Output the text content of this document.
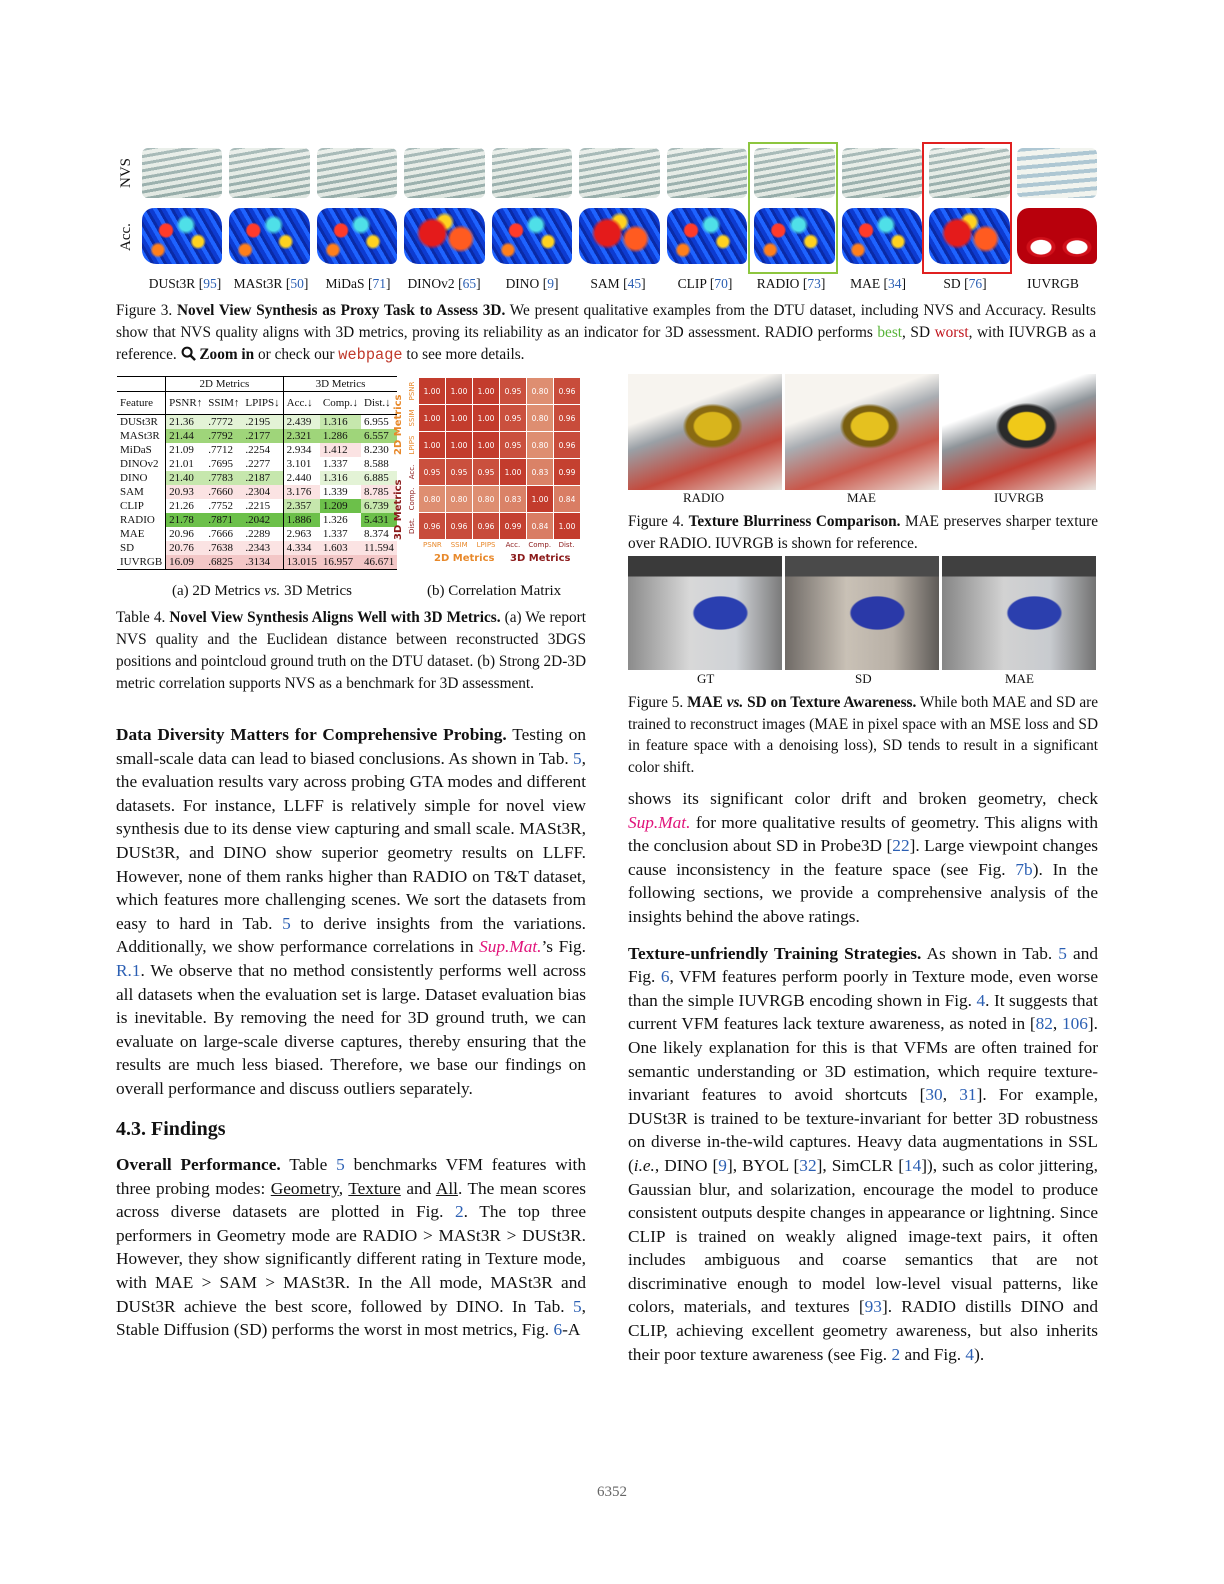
NVS
Acc.
DUSt3R [95] MASt3R [50]	MiDaS [71]	DINOv2 [65]	DINO [9]	SAM [45]	CLIP [70]	RADIO [73]	MAE [34]	SD [76]	IUVRGB
Figure 3. Novel View Synthesis as Proxy Task to Assess 3D. We present qualitative examples from the DTU dataset, including NVS and Accuracy. Results show that NVS quality aligns with 3D metrics, proving its reliability as an indicator for 3D assessment. RADIO performs best, SD worst, with IUVRGB as a reference. Zoom in or check our webpage to see more details.
	2D Metrics			3D Metrics		
Feature	PSNR↑	SSIM↑	LPIPS↓	Acc.↓	Comp.↓	Dist.↓
DUSt3R	21.36	.7772	.2195	2.439	1.316	6.955
MASt3R	21.44	.7792	.2177	2.321	1.286	6.557
MiDaS	21.09	.7712	.2254	2.934	1.412	8.230
DINOv2	21.01	.7695	.2277	3.101	1.337	8.588
DINO	21.40	.7783	.2187	2.440	1.316	6.885
SAM	20.93	.7660	.2304	3.176	1.339	8.785
CLIP	21.26	.7752	.2215	2.357	1.209	6.739
RADIO	21.78	.7871	.2042	1.886	1.326	5.431
MAE	20.96	.7666	.2289	2.963	1.337	8.374
SD	20.76	.7638	.2343	4.334	1.603	11.594
IUVRGB	16.09	.6825	.3134	13.015	16.957	46.671
(a) 2D Metrics vs. 3D Metrics
1.00	1.00	1.00	0.95	0.80	0.96
1.00	1.00	1.00	0.95	0.80	0.96
1.00	1.00	1.00	0.95	0.80	0.96
0.95	0.95	0.95	1.00	0.83	0.99
0.80	0.80	0.80	0.83	1.00	0.84
0.96	0.96	0.96	0.99	0.84	1.00
2D Metrics
3D Metrics
PSNR
SSIM
LPIPS
Acc.
Comp.
Dist.
PSNR	SSIM	LPIPS	Acc.	Comp.	Dist.
2D Metrics 3D Metrics
(b) Correlation Matrix
Table 4. Novel View Synthesis Aligns Well with 3D Metrics. (a) We report NVS quality and the Euclidean distance between reconstructed 3DGS positions and pointcloud ground truth on the DTU dataset. (b) Strong 2D-3D metric correlation supports NVS as a benchmark for 3D assessment.
RADIO	MAE	IUVRGB
Figure 4. Texture Blurriness Comparison. MAE preserves sharper texture over RADIO. IUVRGB is shown for reference.
GT	SD	MAE
Figure 5. MAE vs. SD on Texture Awareness. While both MAE and SD are trained to reconstruct images (MAE in pixel space with an MSE loss and SD in feature space with a denoising loss), SD tends to result in a significant color shift.

Data Diversity Matters for Comprehensive Probing. Testing on small-scale data can lead to biased conclusions. As shown in Tab. 5, the evaluation results vary across probing GTA modes and different datasets. For instance, LLFF is relatively simple for novel view synthesis due to its dense view capturing and small scale. MASt3R, DUSt3R, and DINO show superior geometry results on LLFF. However, none of them ranks higher than RADIO on T&T dataset, which features more challenging scenes. We sort the datasets from easy to hard in Tab. 5 to derive insights from the variations. Additionally, we show performance correlations in Sup.Mat.’s Fig. R.1. We observe that no method consistently performs well across all datasets when the evaluation set is large. Dataset evaluation bias is inevitable. By removing the need for 3D ground truth, we can evaluate on large-scale diverse captures, thereby ensuring that the results are much less biased. Therefore, we base our findings on overall performance and discuss outliers separately.

4.3. Findings

Overall Performance. Table 5 benchmarks VFM features with three probing modes: Geometry, Texture and All. The mean scores across diverse datasets are plotted in Fig. 2. The top three performers in Geometry mode are RADIO > MASt3R > DUSt3R. However, they show significantly different rating in Texture mode, with MAE > SAM > MASt3R. In the All mode, MASt3R and DUSt3R achieve the best score, followed by DINO. In Tab. 5, Stable Diffusion (SD) performs the worst in most metrics, Fig. 6-A

shows its significant color drift and broken geometry, check Sup.Mat. for more qualitative results of geometry. This aligns with the conclusion about SD in Probe3D [22]. Large viewpoint changes cause inconsistency in the feature space (see Fig. 7b). In the following sections, we provide a comprehensive analysis of the insights behind the above ratings.

Texture-unfriendly Training Strategies. As shown in Tab. 5 and Fig. 6, VFM features perform poorly in Texture mode, even worse than the simple IUVRGB encoding shown in Fig. 4. It suggests that current VFM features lack texture awareness, as noted in [82, 106]. One likely explanation for this is that VFMs are often trained for semantic understanding or 3D estimation, which require texture-invariant features to avoid shortcuts [30, 31]. For example, DUSt3R is trained to be texture-invariant for better 3D robustness on diverse in-the-wild captures. Heavy data augmentations in SSL (i.e., DINO [9], BYOL [32], SimCLR [14]), such as color jittering, Gaussian blur, and solarization, encourage the model to produce consistent outputs despite changes in appearance or lightning. Since CLIP is trained on weakly aligned image-text pairs, it often includes ambiguous and coarse semantics that are not discriminative enough to model low-level visual patterns, like colors, materials, and textures [93]. RADIO distills DINO and CLIP, achieving excellent geometry awareness, but also inherits their poor texture awareness (see Fig. 2 and Fig. 4).

6352
